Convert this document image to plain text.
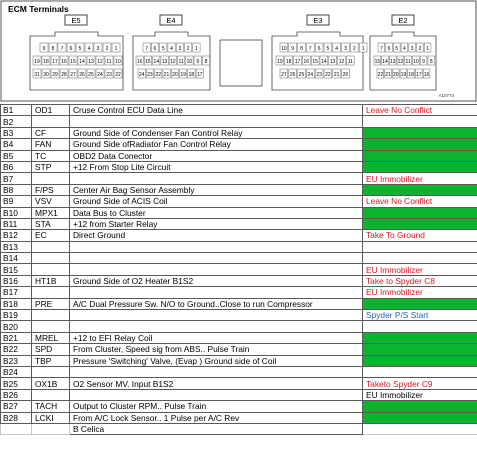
ECM Terminals
E5	E4	E3	E2
9 8 7 6 5 4 3 2 1
19 18 17 16 15 14 13 12 11 10
31 30 29 28 27 26 25 24 23 22
7 6 5 4 3 2 1
16 15 14 13 12 11 10 9 8
24 23 22 21 20 19 18 17
10 9 8 7 6 5 4 3 2 1
19 18 17 16 15 14 13 12 11
27 26 25 24 23 22 21 20
7 6 5 4 3 2 1
15 14 13 12 11 10 9 8
22 21 20 19 18 17 16
A10774
B1	OD1	Cruse Control ECU Data Line	Leave No Conflict
B2			
B3	CF	Ground Side of Condenser Fan Control Relay	
B4	FAN	Ground Side ofRadiator Fan Control Relay	
B5	TC	OBD2 Data Conector	
B6	STP	+12 From Stop Lite Circuit	
B7			EU Immobilizer
B8	F/PS	Center Air Bag Sensor Assembly	
B9	VSV	Ground Side of ACIS Coil	Leave No Conflict
B10	MPX1	Data Bus to Cluster	
B11	STA	+12 from Starter Relay	
B12	EC	Direct Ground	Take To Ground
B13			
B14			
B15			EU Immobilizer
B16	HT1B	Ground Side of O2 Heater B1S2	Take to Spyder C8
B17			EU Immobilizer
B18	PRE	A/C Dual Pressure Sw. N/O to Ground..Close to run Compressor	
B19			Spyder P/S Start
B20			
B21	MREL	+12 to EFI Relay Coil	
B22	SPD	From Cluster, Speed sig from ABS.. Pulse Train	
B23	TBP	Pressure 'Switching' Valve, (Evap ) Ground side of Coil	
B24			
B25	OX1B	O2 Sensor MV. Input B1S2	Taketo Spyder C9
B26			EU Immobilizer
B27	TACH	Output to Cluster RPM.. Pulse Train	
B28	LCKI	From A/C Lock Sensor.. 1 Pulse per A/C Rev	
		B Celica	
